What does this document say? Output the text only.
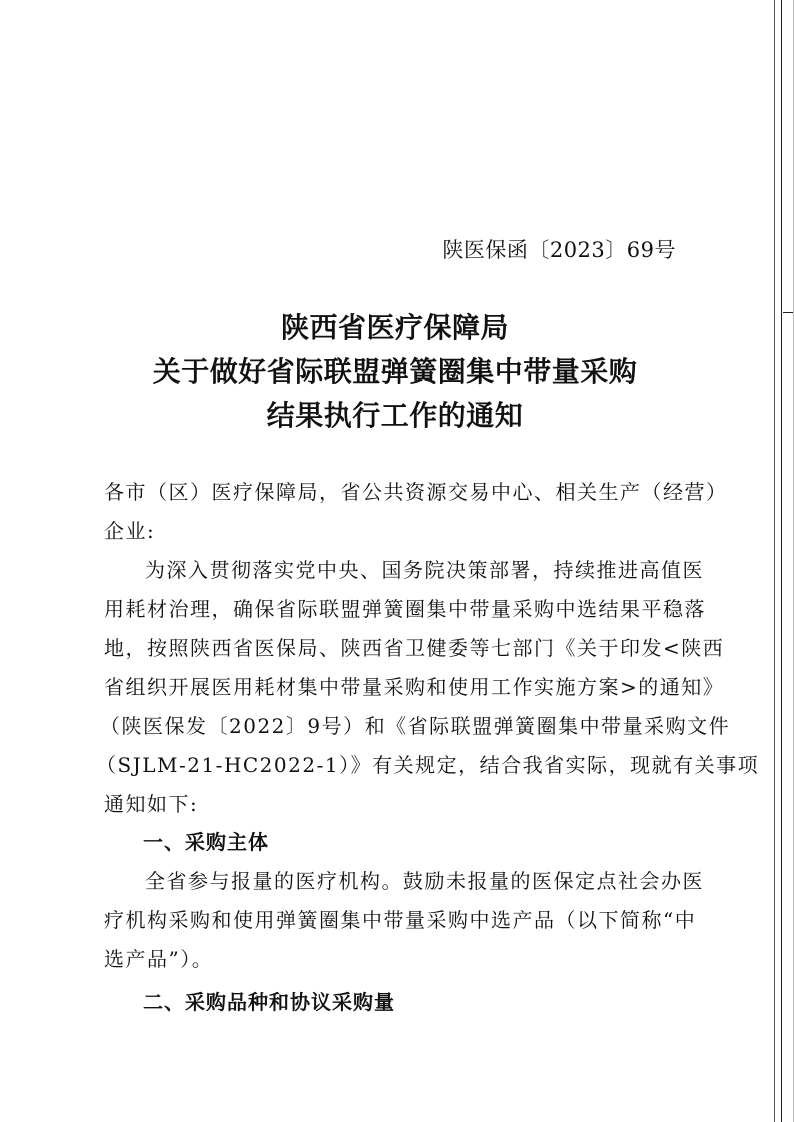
陕医保函〔2023〕69号
陕西省医疗保障局
关于做好省际联盟弹簧圈集中带量采购
结果执行工作的通知
各市（区）医疗保障局，省公共资源交易中心、相关生产（经营）
企业:
为深入贯彻落实党中央、国务院决策部署，持续推进高值医
用耗材治理，确保省际联盟弹簧圈集中带量采购中选结果平稳落
地，按照陕西省医保局、陕西省卫健委等七部门《关于印发<陕西
省组织开展医用耗材集中带量采购和使用工作实施方案>的通知》
（陕医保发〔2022〕9号）和《省际联盟弹簧圈集中带量采购文件
（SJLM-21-HC2022-1）》有关规定，结合我省实际，现就有关事项
通知如下:
一、采购主体
全省参与报量的医疗机构。鼓励未报量的医保定点社会办医
疗机构采购和使用弹簧圈集中带量采购中选产品（以下简称“中
选产品”）。
二、采购品种和协议采购量
